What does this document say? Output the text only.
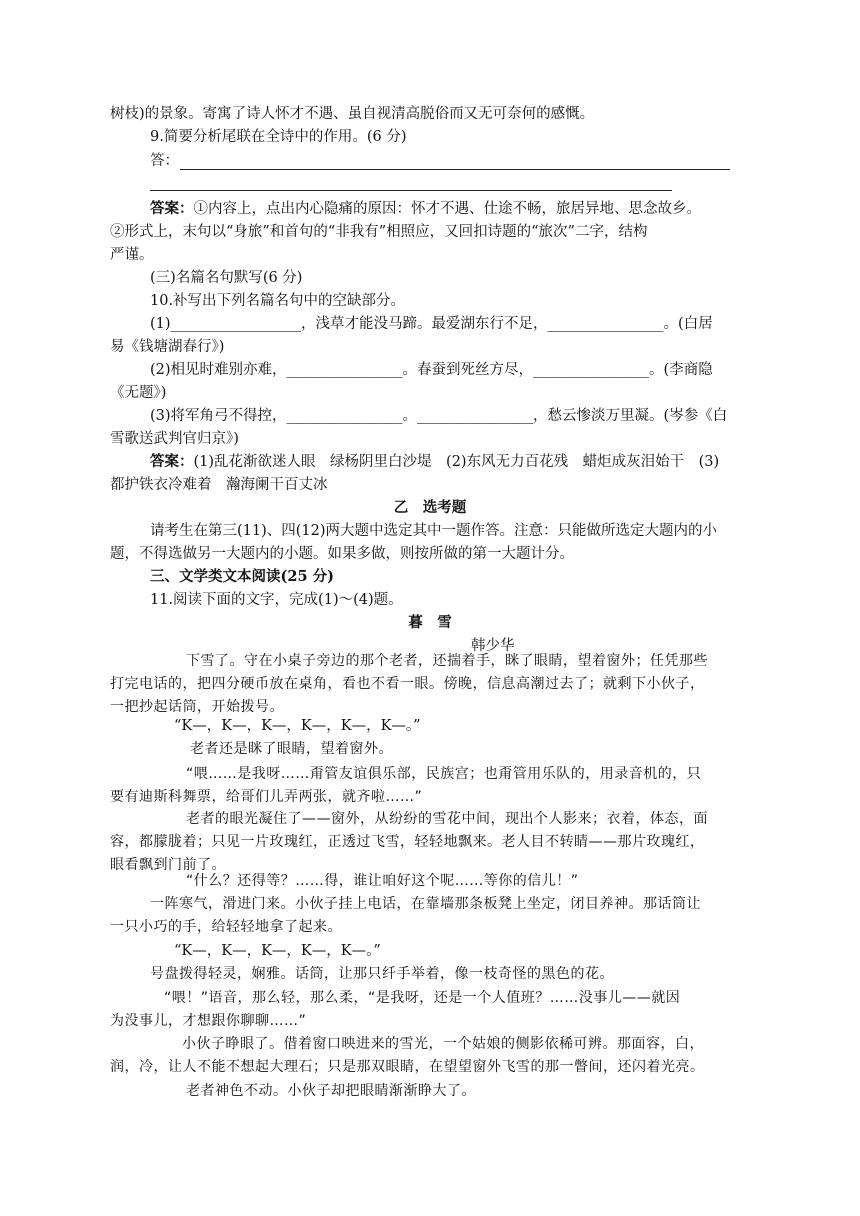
树枝)的景象。寄寓了诗人怀才不遇、虽自视清高脱俗而又无可奈何的感慨。
9.简要分析尾联在全诗中的作用。(6 分)
答：
答案：①内容上，点出内心隐痛的原因：怀才不遇、仕途不畅，旅居异地、思念故乡。
②形式上，末句以“身旅”和首句的“非我有”相照应，又回扣诗题的“旅次”二字，结构
严谨。
(三)名篇名句默写(6 分)
10.补写出下列名篇名句中的空缺部分。
(1)__________________，浅草才能没马蹄。最爱湖东行不足，________________。(白居
易《钱塘湖春行》)
(2)相见时难别亦难，________________。春蚕到死丝方尽，________________。(李商隐
《无题》)
(3)将军角弓不得控，________________。________________，愁云惨淡万里凝。(岑参《白
雪歌送武判官归京》)
答案：(1)乱花渐欲迷人眼　绿杨阴里白沙堤　(2)东风无力百花残　蜡炬成灰泪始干　(3)
都护铁衣冷难着　瀚海阑干百丈冰
乙　选考题
请考生在第三(11)、四(12)两大题中选定其中一题作答。注意：只能做所选定大题内的小
题，不得选做另一大题内的小题。如果多做，则按所做的第一大题计分。
三、文学类文本阅读(25 分)
11.阅读下面的文字，完成(1)～(4)题。
暮　雪
韩少华
下雪了。守在小桌子旁边的那个老者，还揣着手，眯了眼睛，望着窗外；任凭那些
打完电话的，把四分硬币放在桌角，看也不看一眼。傍晚，信息高潮过去了；就剩下小伙子，
一把抄起话筒，开始拨号。
“K—，K—，K—，K—，K—，K—。”
老者还是眯了眼睛，望着窗外。
“喂……是我呀……甭管友谊俱乐部，民族宫；也甭管用乐队的，用录音机的，只
要有迪斯科舞票，给哥们儿弄两张，就齐啦……”
老者的眼光凝住了——窗外，从纷纷的雪花中间，现出个人影来；衣着，体态，面
容，都朦胧着；只见一片玫瑰红，正透过飞雪，轻轻地飘来。老人目不转睛——那片玫瑰红，
眼看飘到门前了。
“什么？还得等？……得，谁让咱好这个呢……等你的信儿！”
一阵寒气，滑进门来。小伙子挂上电话，在靠墙那条板凳上坐定，闭目养神。那话筒让
一只小巧的手，给轻轻地拿了起来。
“K—，K—，K—，K—，K—。”
号盘拨得轻灵，娴雅。话筒，让那只纤手举着，像一枝奇怪的黑色的花。
“喂！”语音，那么轻，那么柔，“是我呀，还是一个人值班？……没事儿——就因
为没事儿，才想跟你聊聊……”
小伙子睁眼了。借着窗口映进来的雪光，一个姑娘的侧影依稀可辨。那面容，白，
润，冷，让人不能不想起大理石；只是那双眼睛，在望望窗外飞雪的那一瞥间，还闪着光亮。
老者神色不动。小伙子却把眼睛渐渐睁大了。
